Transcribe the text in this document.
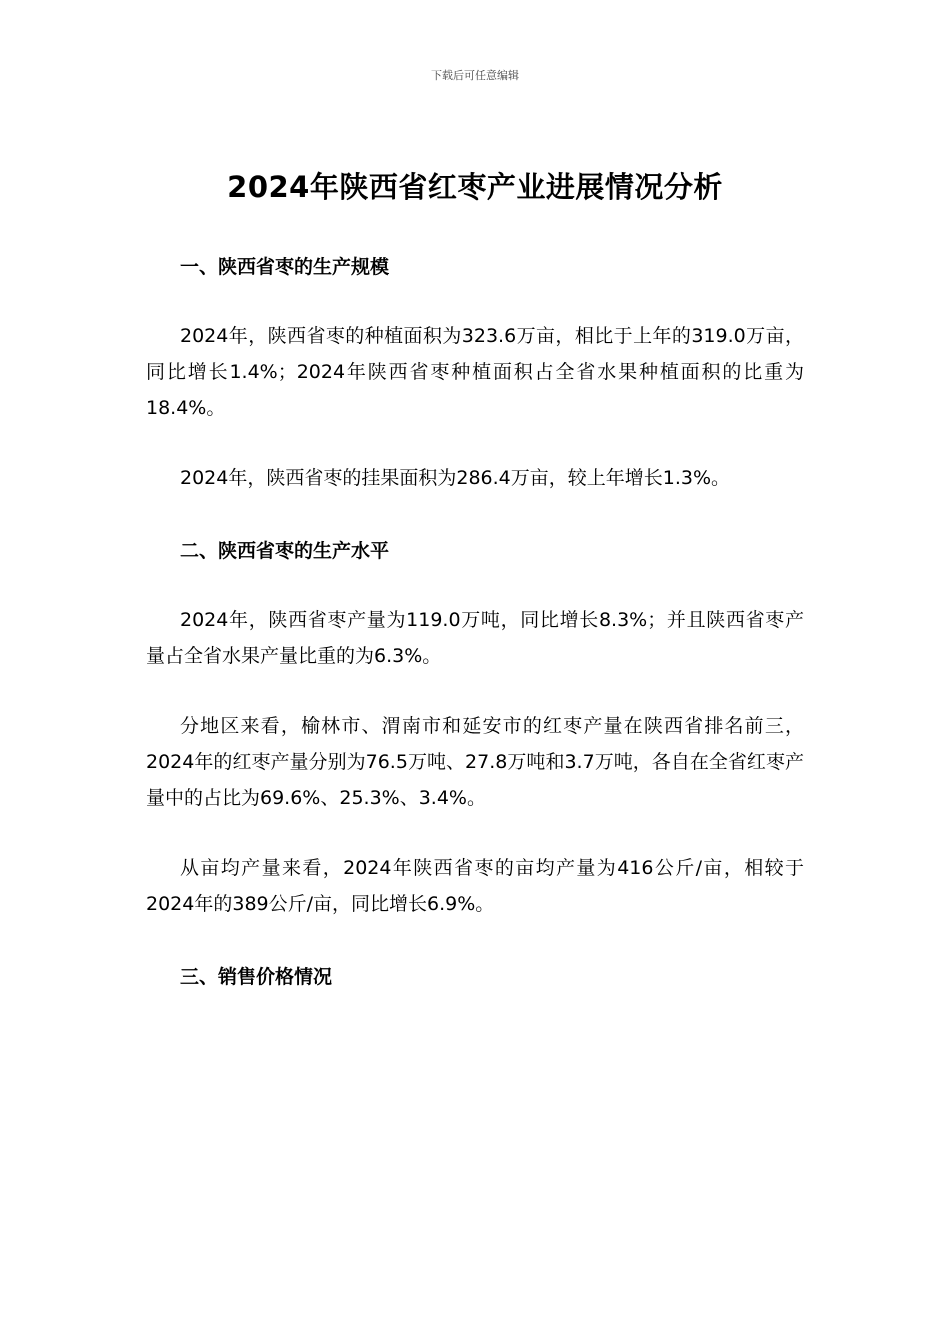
下载后可任意编辑
2024年陕西省红枣产业进展情况分析
一、陕西省枣的生产规模

2024年，陕西省枣的种植面积为323.6万亩，相比于上年的319.0万亩，同比增长1.4%；2024年陕西省枣种植面积占全省水果种植面积的比重为18.4%。

2024年，陕西省枣的挂果面积为286.4万亩，较上年增长1.3%。

二、陕西省枣的生产水平

2024年，陕西省枣产量为119.0万吨，同比增长8.3%；并且陕西省枣产量占全省水果产量比重的为6.3%。

分地区来看，榆林市、渭南市和延安市的红枣产量在陕西省排名前三，2024年的红枣产量分别为76.5万吨、27.8万吨和3.7万吨，各自在全省红枣产量中的占比为69.6%、25.3%、3.4%。

从亩均产量来看，2024年陕西省枣的亩均产量为416公斤/亩，相较于2024年的389公斤/亩，同比增长6.9%。

三、销售价格情况
